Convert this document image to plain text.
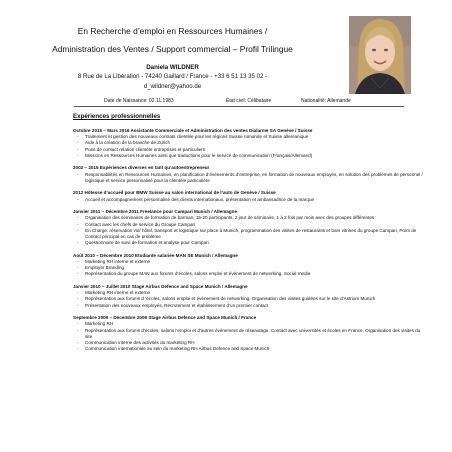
En Recherche d’emploi en Ressources Humaines /
Administration des Ventes / Support commercial – Profil Trilingue
Daniela WILDNER
8 Rue de La Libération - 74240 Gaillard / France - +33 6 51 13 35 02 -
d_wildner@yahoo.de
Date de Naissance: 02.11.1983	État civil: Célibataire	Nationalité: Allemande
Expériences professionnelles
Octobre 2015 – Mars 2016 Assistante Commerciale et Administration des ventes Dialarme SA Genève / Suisse
- Traitement et gestion des nouveaux contrats clientèle pour les régions Suisse romande et Suisse allemanique
- Aide à la création de la branche de Zürich
- Point de contact relation clientèle entreprises et particuliers
- Missions en Ressources Humaines ainsi que traductions pour le service de communication (Français/Allemand)
2002 – 2015 Expériences diverses en tant qu’autoentrepreneur
- Responsabilités en Ressources Humaines, en planification d’événements d’entreprise, en formation de nouveaux employés, en solution des problèmes de personnel / logistique et service personnalisé pour la clientèle particulière
2012 Hôtesse d’accueil pour BMW Suisse au salon international de l’auto de Genève / Suisse
- Accueil et accompagnement personnalisé des clients internationaux, présentation et ambassadrice de la marque
Janvier 2011 – Décembre 2011 Freelance pour Campari Munich / Allemagne
- Organisation des séminaires de formation de barman, 15-20 participants, 2 jour de séminaire, 1 à 2 fois par mois avec des groupes différentes
- Contact avec les chefs de service du Groupe Campari
- En Charge: réservation vol/ hôtel, transport et logistique sur place à Munich, programmation des visites de restaurants et bars vitrines du groupe Campari, Point de Contact principal en cas de problème
- Questionnaire de suivi de formation et analyse pour Campari
Août 2010 – Décembre 2010 Etudiante salariée MAN SE Munich / Allemagne
- Marketing RH interne et externe
- Employer Branding
- Représentation du groupe MAN aux forums d’écoles, salons emploi et événement de networking, Social media
Janvier 2010 – Juillet 2010 Stage Airbus Defence and Space Munich / Allemagne
- Marketing RH interne et externe
- Représentation aux forums d ‘écoles, salons emploi et événement de networking, Organisation des visites guidées sur le site d’Astrium Munich
- Présentation des nouveaux employés, Recrutement et établissement d’un premier contact
Septembre 2009 – Décembre 2009 Stage Airbus Defence and Space Munich / France
- Marketing RH
- Représentation aux forums d’écoles, salons l’emploi et d’autres événement de réseautage, Contact avec universités et écoles en France, Organisation des visites du site
- Communication interne des activités du marketing RH
- Communication internationale au sein du marketing RH Airbus Defence and Space Munich
